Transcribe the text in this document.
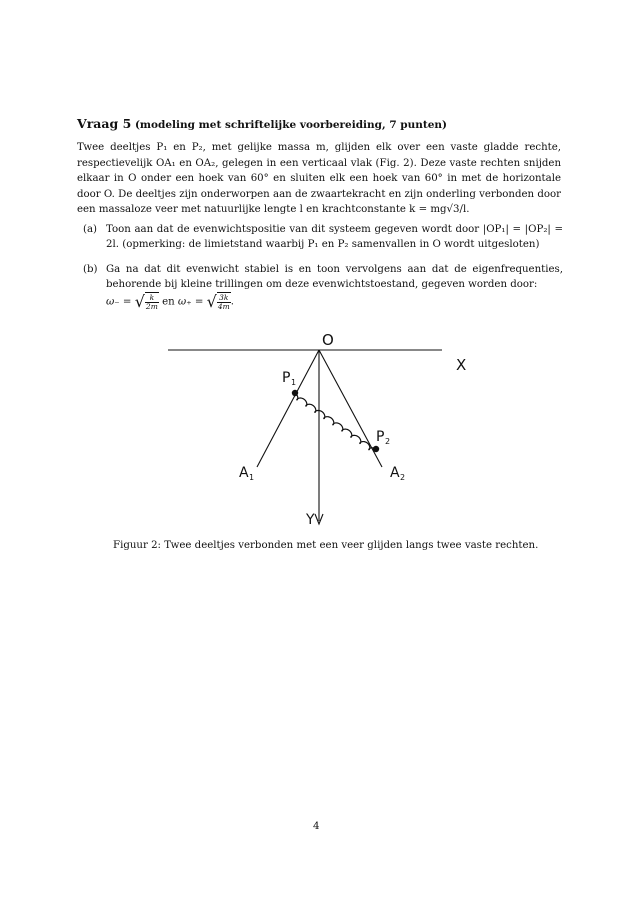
Vraag 5 (modeling met schriftelijke voorbereiding, 7 punten)
Twee deeltjes P₁ en P₂, met gelijke massa m, glijden elk over een vaste gladde rechte, respectievelijk OA₁ en OA₂, gelegen in een verticaal vlak (Fig. 2). Deze vaste rechten snijden elkaar in O onder een hoek van 60° en sluiten elk een hoek van 60° in met de horizontale door O. De deeltjes zijn onderworpen aan de zwaartekracht en zijn onderling verbonden door een massaloze veer met natuurlijke lengte l en krachtconstante k = mg√3/l.
(a) Toon aan dat de evenwichtspositie van dit systeem gegeven wordt door |OP₁| = |OP₂| = 2l. (opmerking: de limietstand waarbij P₁ en P₂ samenvallen in O wordt uitgesloten)
(b) Ga na dat dit evenwicht stabiel is en toon vervolgens aan dat de eigenfrequenties, behorende bij kleine trillingen om deze evenwichtstoestand, gegeven worden door:
ω₋ = √ $\frac{k}{2m}$ en ω₊ = √ $\frac{3k}{4m}$ .
O
X
Y
P 1
P 2
A 1	A 2
Figuur 2: Twee deeltjes verbonden met een veer glijden langs twee vaste rechten.
4
